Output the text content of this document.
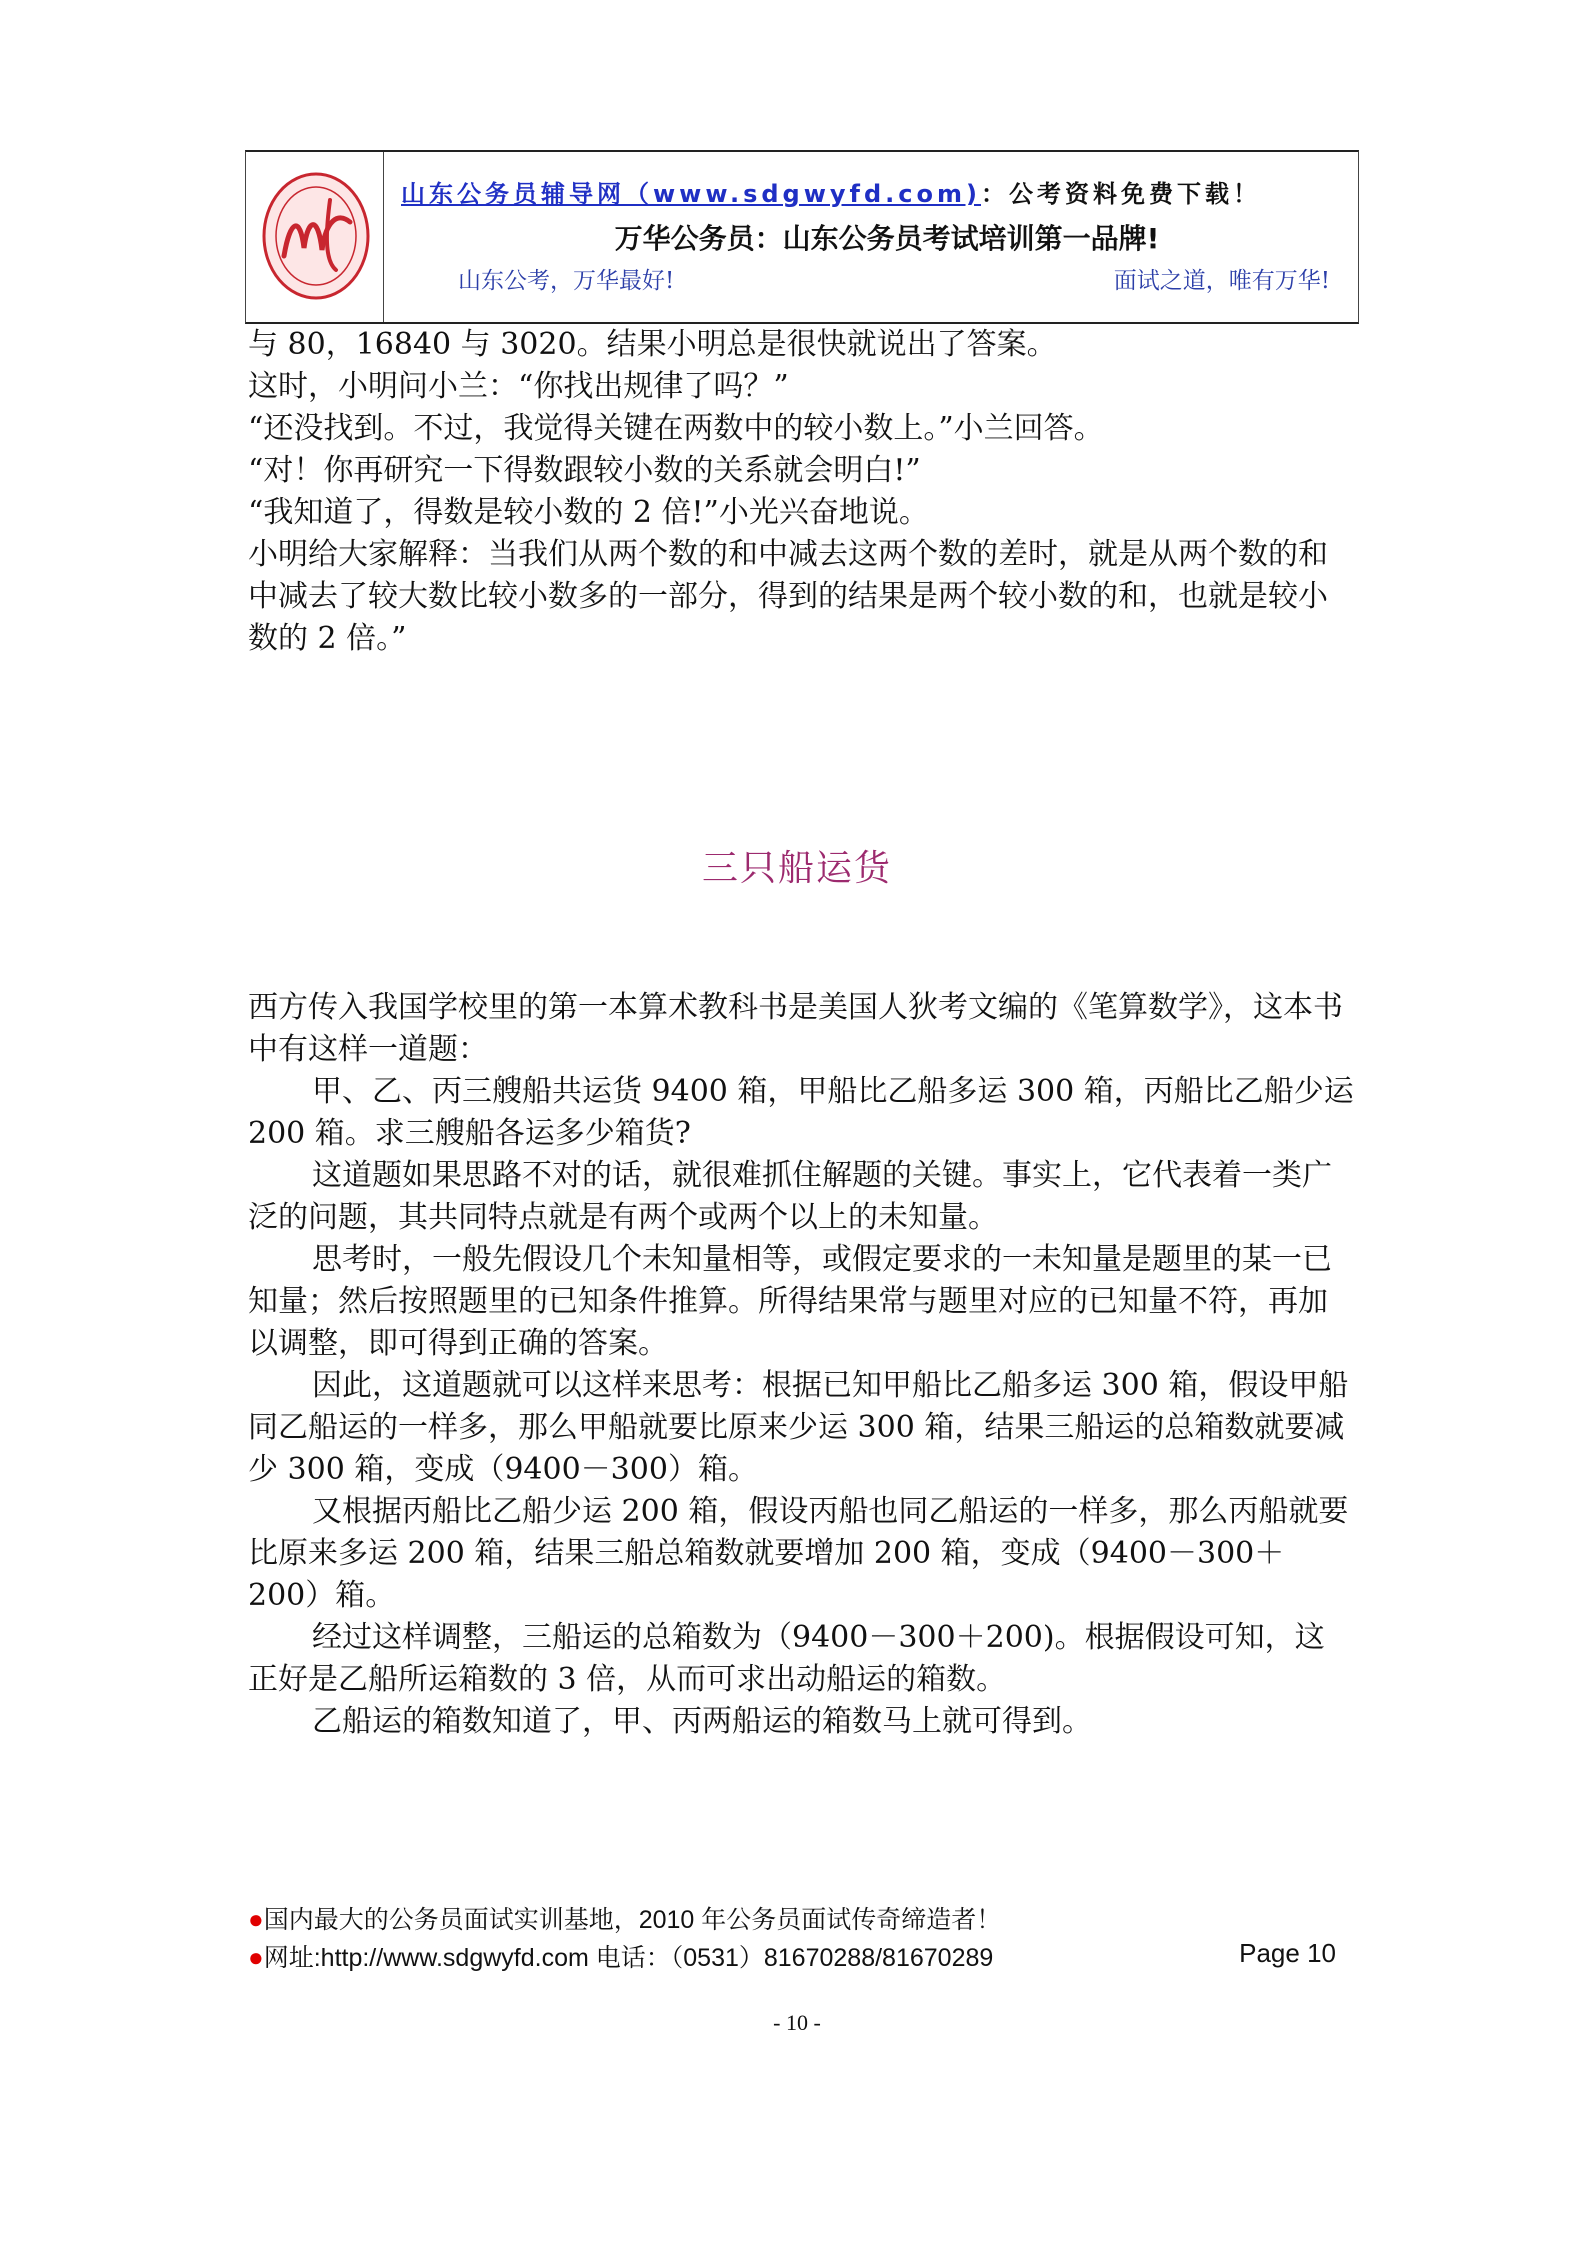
山东公务员辅导网（www.sdgwyfd.com)：公考资料免费下载！
万华公务员：山东公务员考试培训第一品牌!
山东公考，万华最好!	面试之道，唯有万华!

与 80，16840 与 3020。结果小明总是很快就说出了答案。

这时，小明问小兰：“你找出规律了吗？”

“还没找到。不过，我觉得关键在两数中的较小数上。”小兰回答。

“对！你再研究一下得数跟较小数的关系就会明白!”

“我知道了，得数是较小数的 2 倍!”小光兴奋地说。

小明给大家解释：当我们从两个数的和中减去这两个数的差时，就是从两个数的和中减去了较大数比较小数多的一部分，得到的结果是两个较小数的和，也就是较小数的 2 倍。”

三只船运货

西方传入我国学校里的第一本算术教科书是美国人狄考文编的《笔算数学》，这本书中有这样一道题：

甲、乙、丙三艘船共运货 9400 箱，甲船比乙船多运 300 箱，丙船比乙船少运 200 箱。求三艘船各运多少箱货?

这道题如果思路不对的话，就很难抓住解题的关键。事实上，它代表着一类广泛的问题，其共同特点就是有两个或两个以上的未知量。

思考时，一般先假设几个未知量相等，或假定要求的一未知量是题里的某一已知量；然后按照题里的已知条件推算。所得结果常与题里对应的已知量不符，再加以调整，即可得到正确的答案。

因此，这道题就可以这样来思考：根据已知甲船比乙船多运 300 箱，假设甲船同乙船运的一样多，那么甲船就要比原来少运 300 箱，结果三船运的总箱数就要减少 300 箱，变成（9400－300）箱。

又根据丙船比乙船少运 200 箱，假设丙船也同乙船运的一样多，那么丙船就要比原来多运 200 箱，结果三船总箱数就要增加 200 箱，变成（9400－300＋200）箱。

经过这样调整，三船运的总箱数为（9400－300＋200)。根据假设可知，这正好是乙船所运箱数的 3 倍，从而可求出动船运的箱数。

乙船运的箱数知道了，甲、丙两船运的箱数马上就可得到。

●国内最大的公务员面试实训基地，2010 年公务员面试传奇缔造者！
●网址:http://www.sdgwyfd.com 电话：（0531）81670288/81670289	Page 10
- 10 -
